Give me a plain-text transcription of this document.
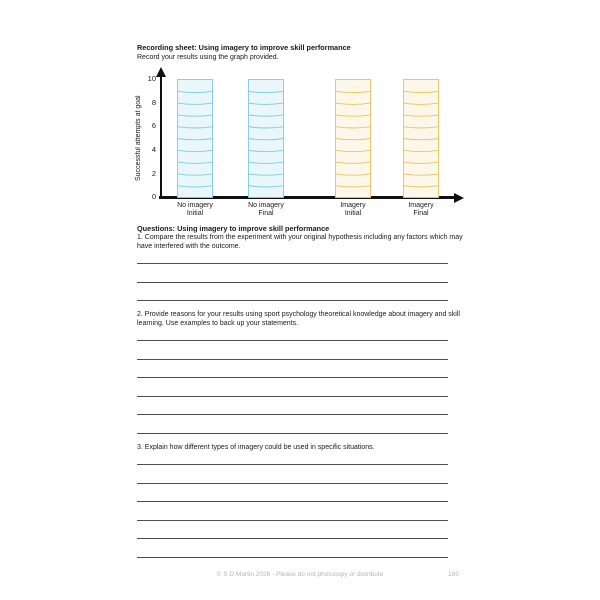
Recording sheet: Using imagery to improve skill performance
Record your results using the graph provided.
Successful attempts at goal
10
8
6
4
2
0
No imagery
Initial
No imagery
Final
Imagery
Initial
Imagery
Final
Questions: Using imagery to improve skill performance
1. Compare the results from the experiment with your original hypothesis including any factors which may have interfered with the outcome.
2. Provide reasons for your results using sport psychology theoretical knowledge about imagery and skill learning. Use examples to back up your statements.
3. Explain how different types of imagery could be used in specific situations.
© S D Martin 2026 - Please do not photocopy or distribute	185
